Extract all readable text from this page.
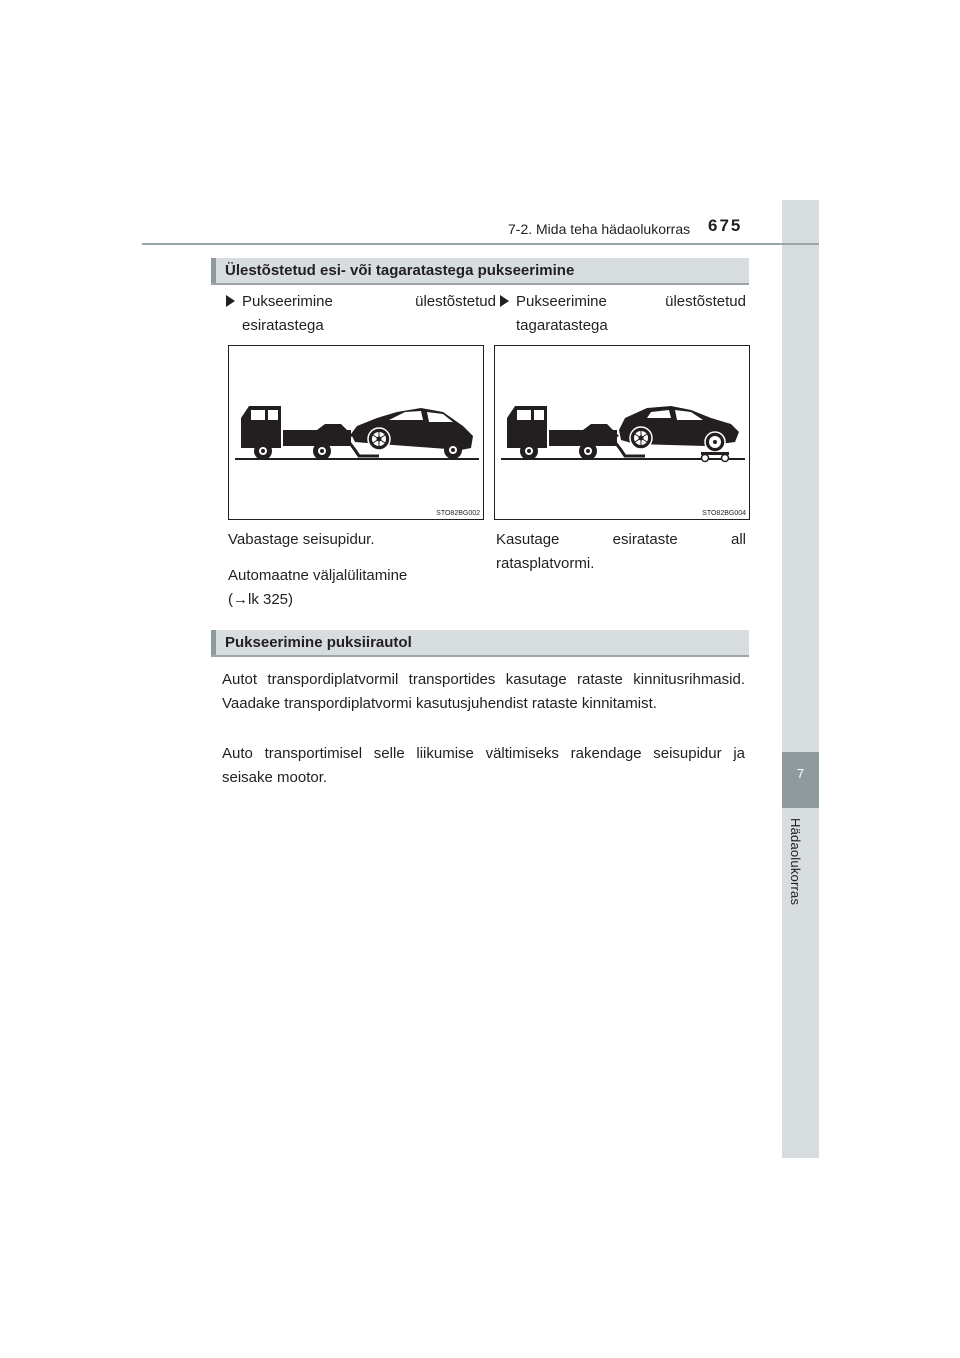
7
Hädaolukorras
7-2. Mida teha hädaolukorras 675
Ülestõstetud esi- või tagaratastega pukseerimine
Pukseerimine ülestõstetud esiratastega
Pukseerimine ülestõstetud tagaratastega
STO82BG002	STO82BG004

Vabastage seisupidur.

Automaatne väljalülitamine

(→lk 325)

Kasutage esirataste all ratasplatvormi.

Pukseerimine puksiirautol
Autot transpordiplatvormil transportides kasutage rataste kinnitusrihmasid. Vaadake transpordiplatvormi kasutusjuhendist rataste kinnitamist.
Auto transportimisel selle liikumise vältimiseks rakendage seisupidur ja seisake mootor.
